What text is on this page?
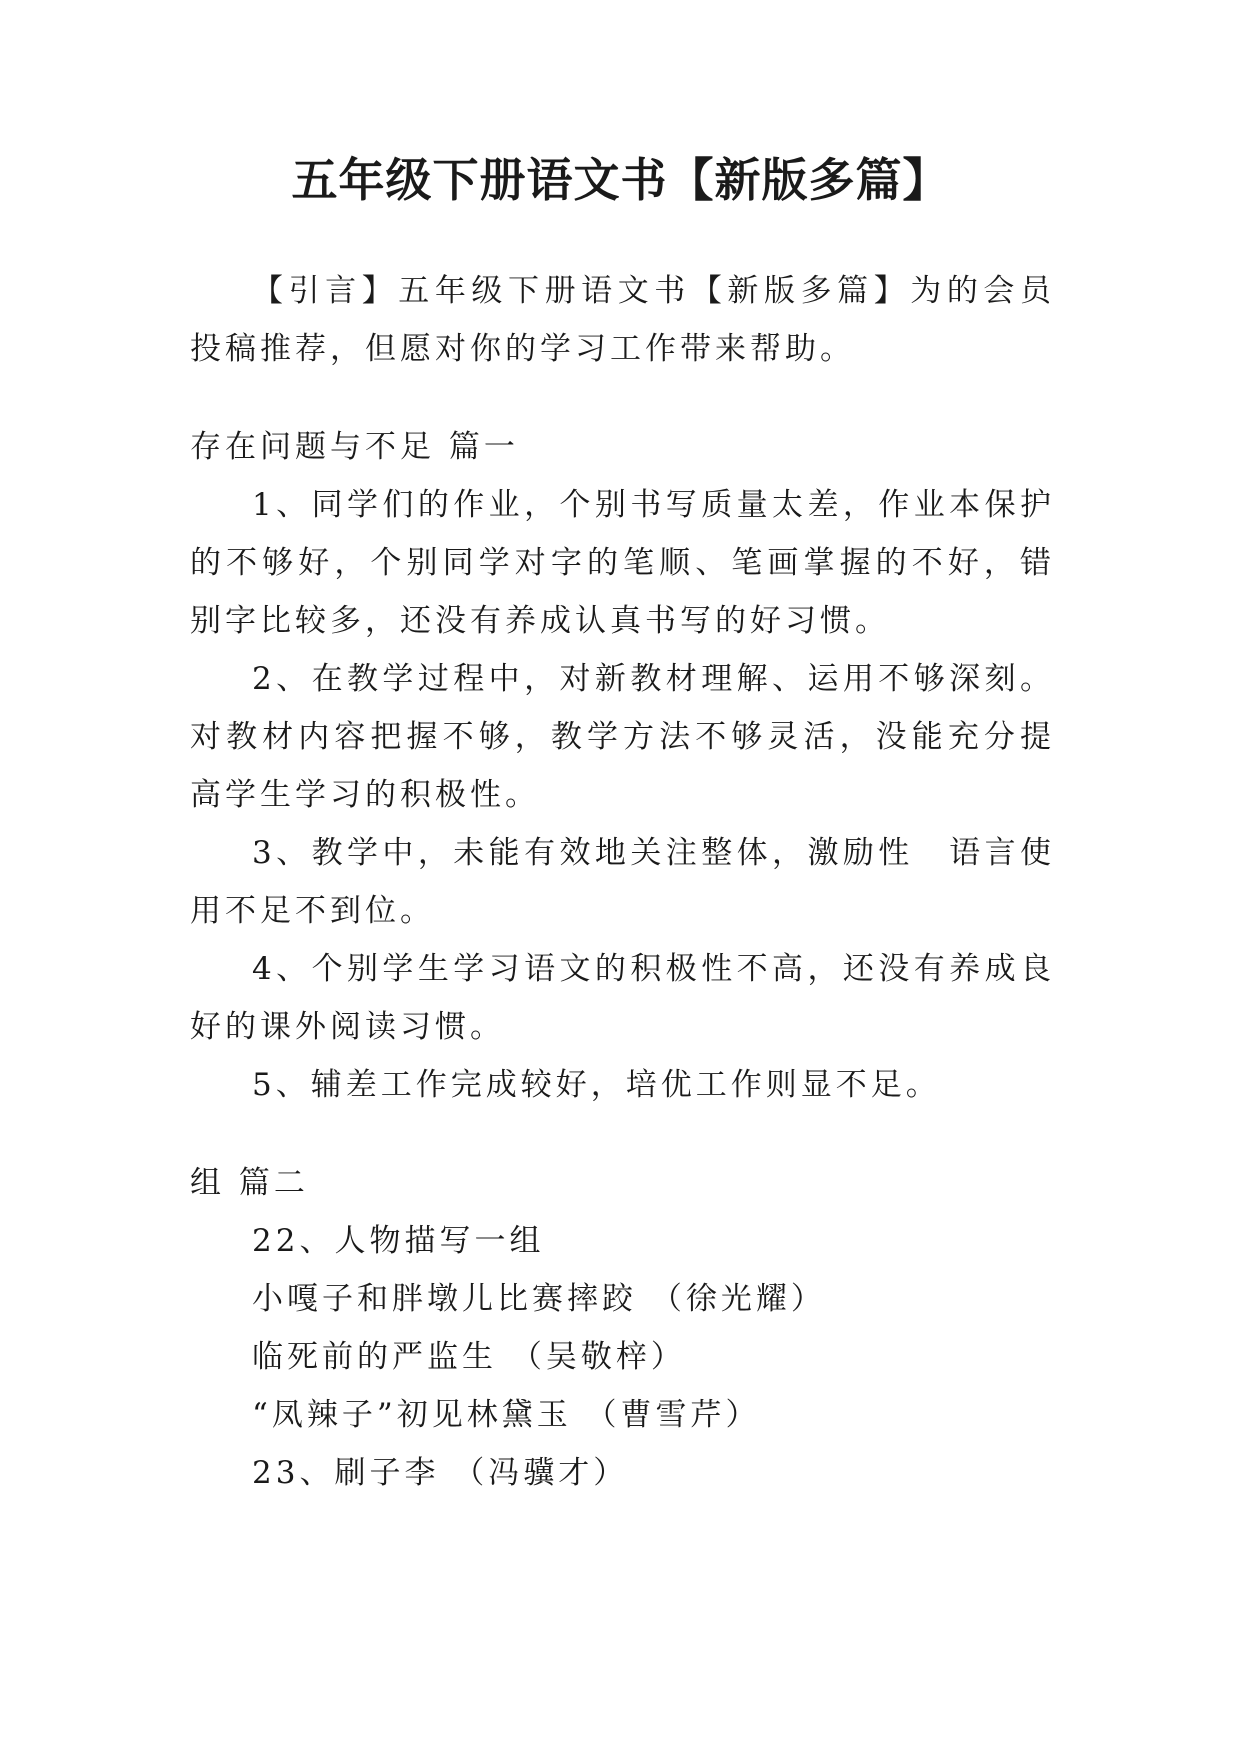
五年级下册语文书【新版多篇】

【引言】五年级下册语文书【新版多篇】为的会员投稿推荐，但愿对你的学习工作带来帮助。

存在问题与不足 篇一

1、同学们的作业，个别书写质量太差，作业本保护的不够好，个别同学对字的笔顺、笔画掌握的不好，错别字比较多，还没有养成认真书写的好习惯。

2、在教学过程中，对新教材理解、运用不够深刻。对教材内容把握不够，教学方法不够灵活，没能充分提高学生学习的积极性。

3、教学中，未能有效地关注整体，激励性　语言使用不足不到位。

4、个别学生学习语文的积极性不高，还没有养成良好的课外阅读习惯。

5、辅差工作完成较好，培优工作则显不足。

组 篇二

22、人物描写一组

小嘎子和胖墩儿比赛摔跤 （徐光耀）

临死前的严监生 （吴敬梓）

“凤辣子”初见林黛玉 （曹雪芹）

23、刷子李 （冯骥才）
